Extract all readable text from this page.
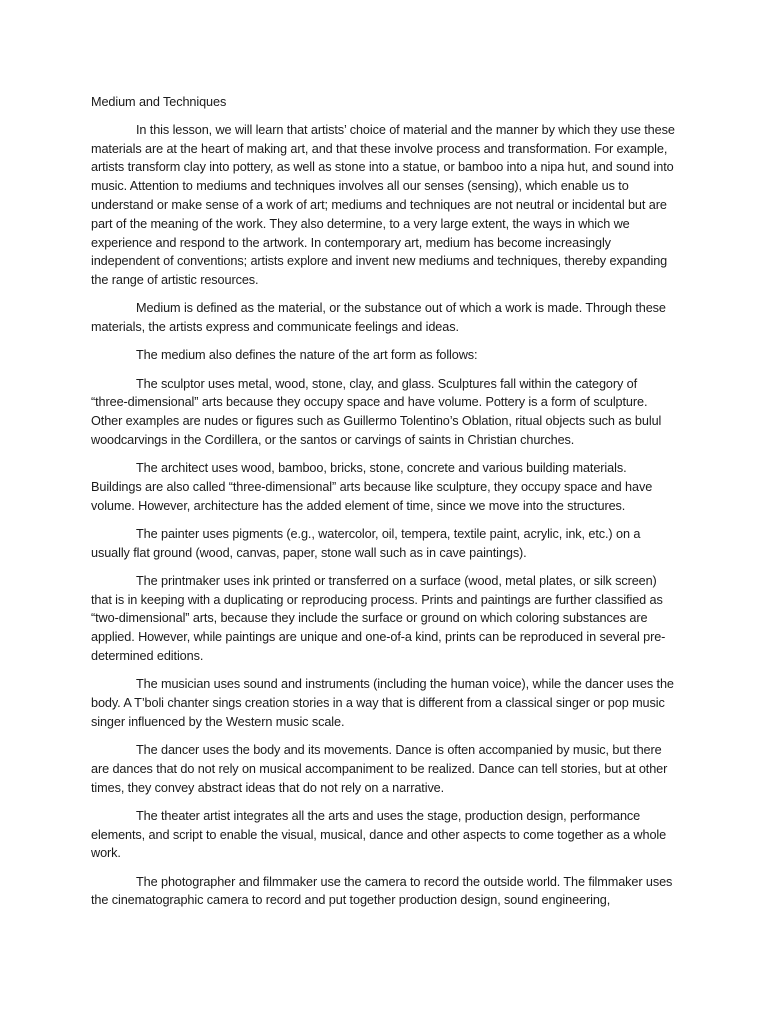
Medium and Techniques

In this lesson, we will learn that artists’ choice of material and the manner by which they use these materials are at the heart of making art, and that these involve process and transformation. For example, artists transform clay into pottery, as well as stone into a statue, or bamboo into a nipa hut, and sound into music. Attention to mediums and techniques involves all our senses (sensing), which enable us to understand or make sense of a work of art; mediums and techniques are not neutral or incidental but are part of the meaning of the work. They also determine, to a very large extent, the ways in which we experience and respond to the artwork. In contemporary art, medium has become increasingly independent of conventions; artists explore and invent new mediums and techniques, thereby expanding the range of artistic resources.

Medium is defined as the material, or the substance out of which a work is made. Through these materials, the artists express and communicate feelings and ideas.

The medium also defines the nature of the art form as follows:

The sculptor uses metal, wood, stone, clay, and glass. Sculptures fall within the category of “three-dimensional” arts because they occupy space and have volume. Pottery is a form of sculpture. Other examples are nudes or figures such as Guillermo Tolentino’s Oblation, ritual objects such as bulul woodcarvings in the Cordillera, or the santos or carvings of saints in Christian churches.

The architect uses wood, bamboo, bricks, stone, concrete and various building materials. Buildings are also called “three-dimensional” arts because like sculpture, they occupy space and have volume. However, architecture has the added element of time, since we move into the structures.

The painter uses pigments (e.g., watercolor, oil, tempera, textile paint, acrylic, ink, etc.) on a usually flat ground (wood, canvas, paper, stone wall such as in cave paintings).

The printmaker uses ink printed or transferred on a surface (wood, metal plates, or silk screen) that is in keeping with a duplicating or reproducing process. Prints and paintings are further classified as “two-dimensional” arts, because they include the surface or ground on which coloring substances are applied. However, while paintings are unique and one-of-a kind, prints can be reproduced in several pre-determined editions.

The musician uses sound and instruments (including the human voice), while the dancer uses the body. A T’boli chanter sings creation stories in a way that is different from a classical singer or pop music singer influenced by the Western music scale.

The dancer uses the body and its movements. Dance is often accompanied by music, but there are dances that do not rely on musical accompaniment to be realized. Dance can tell stories, but at other times, they convey abstract ideas that do not rely on a narrative.

The theater artist integrates all the arts and uses the stage, production design, performance elements, and script to enable the visual, musical, dance and other aspects to come together as a whole work.

The photographer and filmmaker use the camera to record the outside world. The filmmaker uses the cinematographic camera to record and put together production design, sound engineering,
